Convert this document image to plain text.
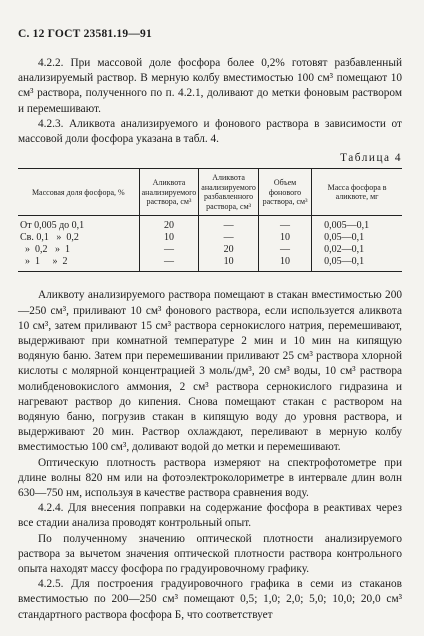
С. 12 ГОСТ 23581.19—91

4.2.2. При массовой доле фосфора более 0,2% готовят разбавленный анализируемый раствор. В мерную колбу вместимостью 100 см³ помещают 10 см³ раствора, полученного по п. 4.2.1, доливают до метки фоновым раствором и перемешивают.

4.2.3. Аликвота анализируемого и фонового раствора в зависимости от массовой доли фосфора указана в табл. 4.

Таблица 4
Массовая доля фосфора, %	Аликвота анализируемого раствора, см³	Аликвота анализируемого разбавленного раствора, см³	Объем фонового раствора, см³	Масса фосфора в аликвоте, мг
От 0,005 до 0,1	20	—	—	0,005—0,1
Св. 0,1   »  0,2	10	—	10	0,05—0,1
»  0,2   »  1	—	20	—	0,02—0,1
»  1     »  2	—	10	10	0,05—0,1

Аликвоту анализируемого раствора помещают в стакан вместимостью 200—250 см³, приливают 10 см³ фонового раствора, если используется аликвота 10 см³, затем приливают 15 см³ раствора сернокислого натрия, перемешивают, выдерживают при комнатной температуре 2 мин и 10 мин на кипящую водяную баню. Затем при перемешивании приливают 25 см³ раствора хлорной кислоты с молярной концентрацией 3 моль/дм³, 20 см³ воды, 10 см³ раствора молибденовокислого аммония, 2 см³ раствора сернокислого гидразина и нагревают раствор до кипения. Снова помещают стакан с раствором на водяную баню, погрузив стакан в кипящую воду до уровня раствора, и выдерживают 20 мин. Раствор охлаждают, переливают в мерную колбу вместимостью 100 см³, доливают водой до метки и перемешивают.

Оптическую плотность раствора измеряют на спектрофотометре при длине волны 820 нм или на фотоэлектроколориметре в интервале длин волн 630—750 нм, используя в качестве раствора сравнения воду.

4.2.4. Для внесения поправки на содержание фосфора в реактивах через все стадии анализа проводят контрольный опыт.

По полученному значению оптической плотности анализируемого раствора за вычетом значения оптической плотности раствора контрольного опыта находят массу фосфора по градуировочному графику.

4.2.5. Для построения градуировочного графика в семи из стаканов вместимостью по 200—250 см³ помещают 0,5; 1,0; 2,0; 5,0; 10,0; 20,0 см³ стандартного раствора фосфора Б, что соответствует
